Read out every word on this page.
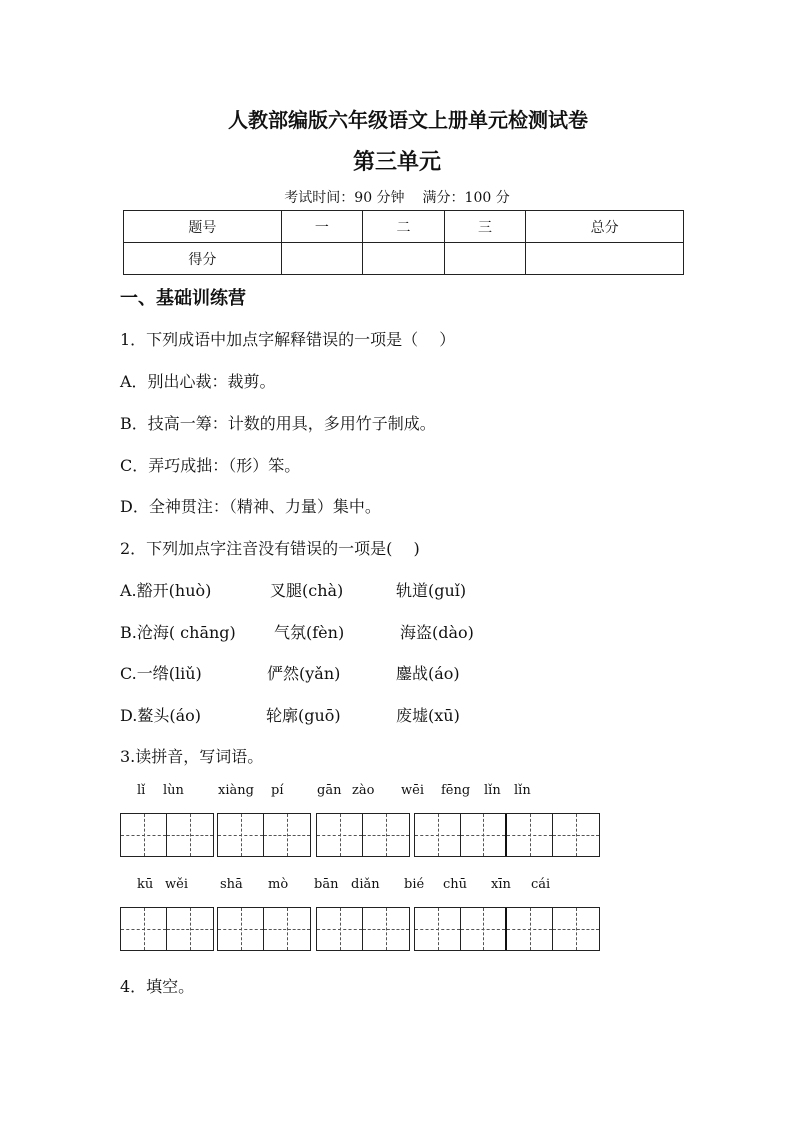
人教部编版六年级语文上册单元检测试卷
第三单元
考试时间：90 分钟 满分：100 分
题号	一	二	三	总分
得分				
一、基础训练营
1．下列成语中加点字解释错误的一项是（　 ）
A．别出心裁：裁剪。
B．技高一筹：计数的用具，多用竹子制成。
C．弄巧成拙：（形）笨。
D．全神贯注：（精神、力量）集中。
2．下列加点字注音没有错误的一项是(　 )
A.豁开(huò)	叉腿(chà)	轨道(guǐ)
B.沧海( chāng) 气氛(fèn)	海盗(dào)
C.一绺(liǔ)	俨然(yǎn)	鏖战(áo)
D.鳌头(áo)	轮廓(guō)	废墟(xū)
3.读拼音，写词语。
lǐ lùn	xiàng pí	gān zào wēi fēng lǐn lǐn
kū wěi shā mò bān diǎn bié chū xīn cái
4．填空。
